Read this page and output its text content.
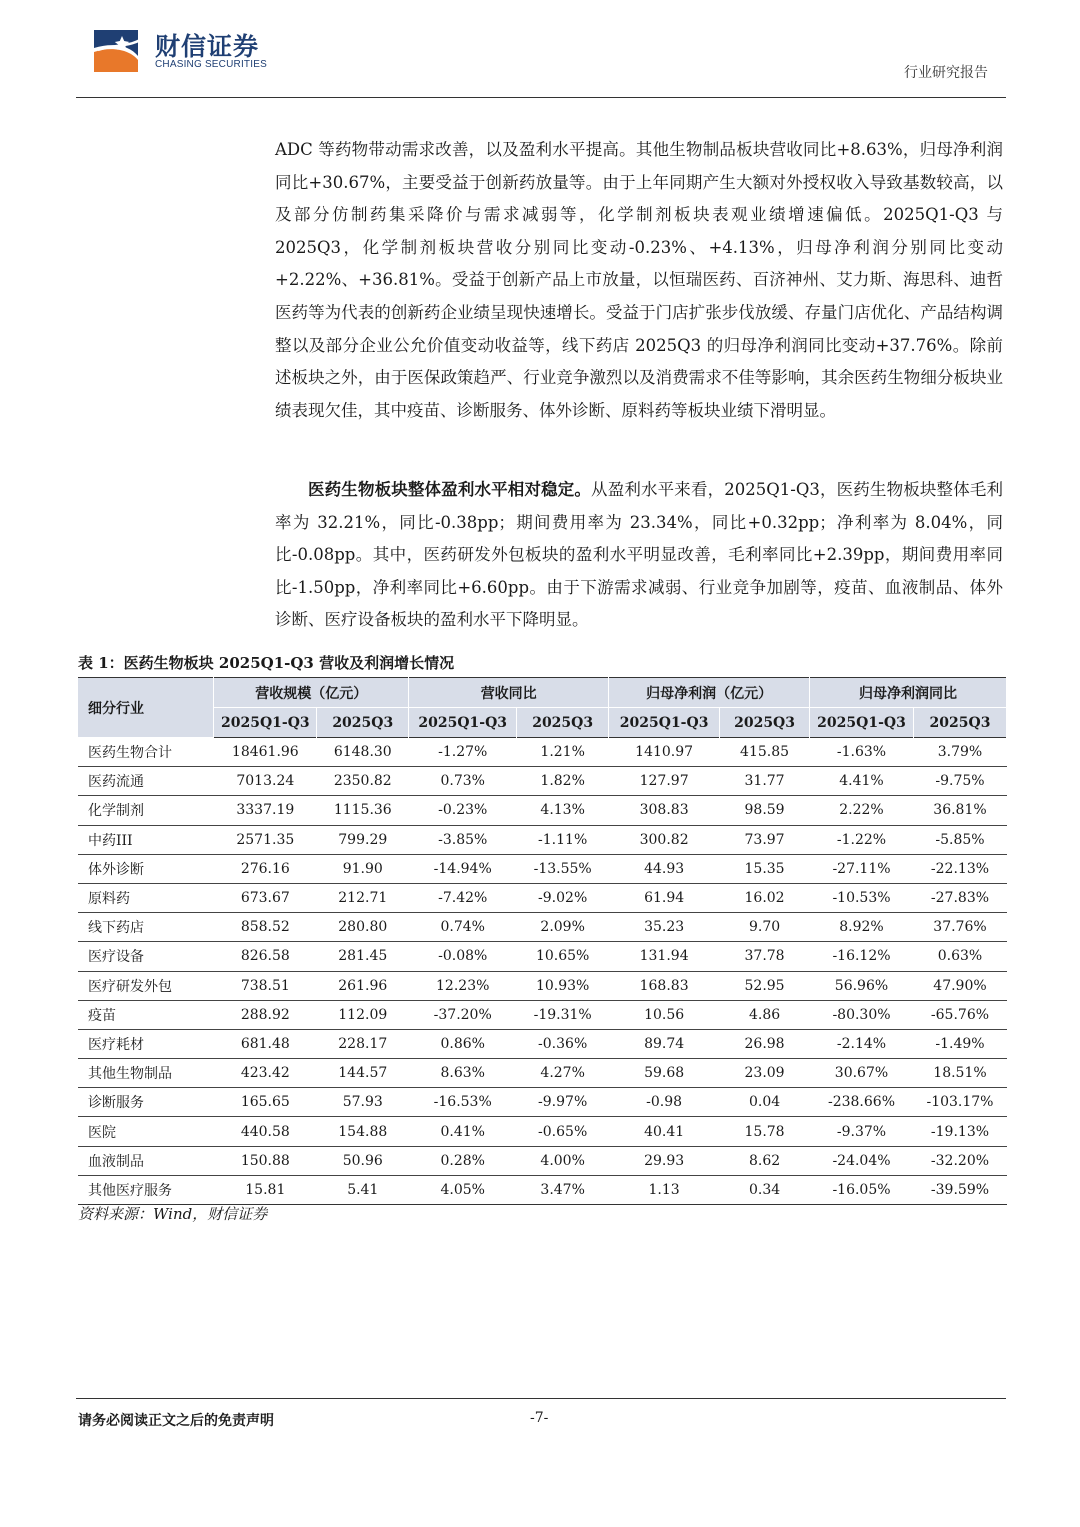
财信证券
CHASING SECURITIES
行业研究报告
ADC 等药物带动需求改善，以及盈利水平提高。其他生物制品板块营收同比+8.63%，归母净利润同比+30.67%，主要受益于创新药放量等。由于上年同期产生大额对外授权收入导致基数较高，以及部分仿制药集采降价与需求减弱等，化学制剂板块表观业绩增速偏低。2025Q1-Q3 与 2025Q3，化学制剂板块营收分别同比变动-0.23%、+4.13%，归母净利润分别同比变动+2.22%、+36.81%。受益于创新产品上市放量，以恒瑞医药、百济神州、艾力斯、海思科、迪哲医药等为代表的创新药企业绩呈现快速增长。受益于门店扩张步伐放缓、存量门店优化、产品结构调整以及部分企业公允价值变动收益等，线下药店 2025Q3 的归母净利润同比变动+37.76%。除前述板块之外，由于医保政策趋严、行业竞争激烈以及消费需求不佳等影响，其余医药生物细分板块业绩表现欠佳，其中疫苗、诊断服务、体外诊断、原料药等板块业绩下滑明显。
医药生物板块整体盈利水平相对稳定。从盈利水平来看，2025Q1-Q3，医药生物板块整体毛利率为 32.21%，同比-0.38pp；期间费用率为 23.34%，同比+0.32pp；净利率为 8.04%，同比-0.08pp。其中，医药研发外包板块的盈利水平明显改善，毛利率同比+2.39pp，期间费用率同比-1.50pp，净利率同比+6.60pp。由于下游需求减弱、行业竞争加剧等，疫苗、血液制品、体外诊断、医疗设备板块的盈利水平下降明显。
表 1：医药生物板块 2025Q1-Q3 营收及利润增长情况
细分行业	营收规模（亿元）		营收同比		归母净利润（亿元）		归母净利润同比	
	2025Q1-Q3	2025Q3	2025Q1-Q3	2025Q3	2025Q1-Q3	2025Q3	2025Q1-Q3	2025Q3
医药生物合计	18461.96	6148.30	-1.27%	1.21%	1410.97	415.85	-1.63%	3.79%
医药流通	7013.24	2350.82	0.73%	1.82%	127.97	31.77	4.41%	-9.75%
化学制剂	3337.19	1115.36	-0.23%	4.13%	308.83	98.59	2.22%	36.81%
中药III	2571.35	799.29	-3.85%	-1.11%	300.82	73.97	-1.22%	-5.85%
体外诊断	276.16	91.90	-14.94%	-13.55%	44.93	15.35	-27.11%	-22.13%
原料药	673.67	212.71	-7.42%	-9.02%	61.94	16.02	-10.53%	-27.83%
线下药店	858.52	280.80	0.74%	2.09%	35.23	9.70	8.92%	37.76%
医疗设备	826.58	281.45	-0.08%	10.65%	131.94	37.78	-16.12%	0.63%
医疗研发外包	738.51	261.96	12.23%	10.93%	168.83	52.95	56.96%	47.90%
疫苗	288.92	112.09	-37.20%	-19.31%	10.56	4.86	-80.30%	-65.76%
医疗耗材	681.48	228.17	0.86%	-0.36%	89.74	26.98	-2.14%	-1.49%
其他生物制品	423.42	144.57	8.63%	4.27%	59.68	23.09	30.67%	18.51%
诊断服务	165.65	57.93	-16.53%	-9.97%	-0.98	0.04	-238.66%	-103.17%
医院	440.58	154.88	0.41%	-0.65%	40.41	15.78	-9.37%	-19.13%
血液制品	150.88	50.96	0.28%	4.00%	29.93	8.62	-24.04%	-32.20%
其他医疗服务	15.81	5.41	4.05%	3.47%	1.13	0.34	-16.05%	-39.59%
资料来源：Wind，财信证券
请务必阅读正文之后的免责声明	-7-
